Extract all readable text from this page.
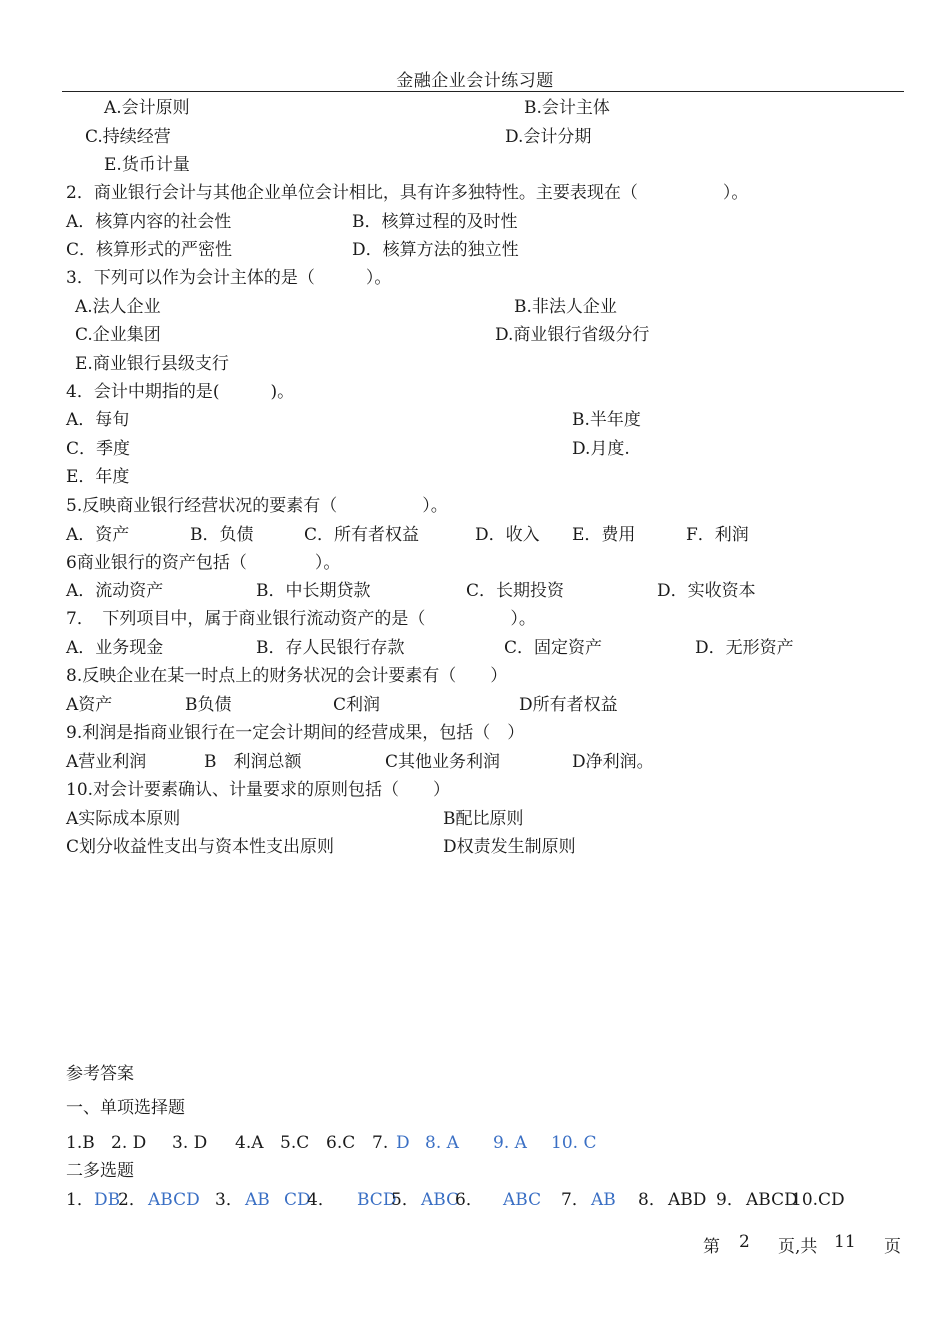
金融企业会计练习题
A.会计原则	B.会计主体
C.持续经营	D.会计分期
E.货币计量
2．商业银行会计与其他企业单位会计相比，具有许多独特性。主要表现在（　　　　　）。
A．核算内容的社会性	B．核算过程的及时性
C．核算形式的严密性	D．核算方法的独立性
3．下列可以作为会计主体的是（　　　）。
A.法人企业	B.非法人企业
C.企业集团	D.商业银行省级分行
E.商业银行县级支行
4．会计中期指的是(　　　)。
A．每旬	B.半年度
C．季度	D.月度.
E．年度
5.反映商业银行经营状况的要素有（　　　　　）。
A．资产	B．负债	C．所有者权益	D．收入 E．费用	F．利润
6商业银行的资产包括（　　　　）。
A．流动资产	B．中长期贷款	C．长期投资	D．实收资本
7．　下列项目中，属于商业银行流动资产的是（　　　　　）。
A．业务现金	B．存人民银行存款	C．固定资产	D．无形资产
8.反映企业在某一时点上的财务状况的会计要素有（　　）
A资产	B负债	C利润	D所有者权益
9.利润是指商业银行在一定会计期间的经营成果，包括（　）
A营业利润	B　利润总额	C其他业务利润	D净利润。
10.对会计要素确认、计量要求的原则包括（　　）
A实际成本原则	B配比原则
C划分收益性支出与资本性支出原则	D权责发生制原则
参考答案
一、单项选择题
1.B 2. D 3. D 4.A 5.C 6.C 7. D 8. A 9. A 10. C
二多选题
1． DB
2． ABCD 3． AB CD
4． BCD
5． ABC
6． ABC 7． AB 8． ABD 9． ABCD
10.CD
第 2 页,共 11 页
